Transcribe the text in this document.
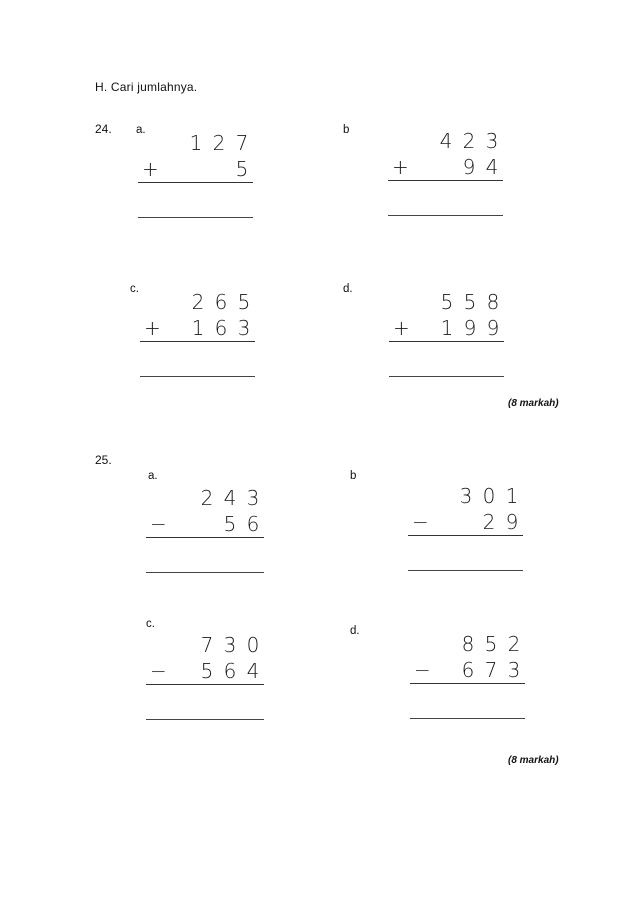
H. Cari jumlahnya.
24. a.
1 2 7
+	5
b	4 2 3
+	9 4
c.
2 6 5
+ 1 6 3
d.
5 5 8
+ 1 9 9
(8 markah)
25.
a.
2 4 3
−	5 6
b
3 0 1
−	2 9
c.
7 3 0
− 5 6 4
d.
8 5 2
− 6 7 3
(8 markah)
